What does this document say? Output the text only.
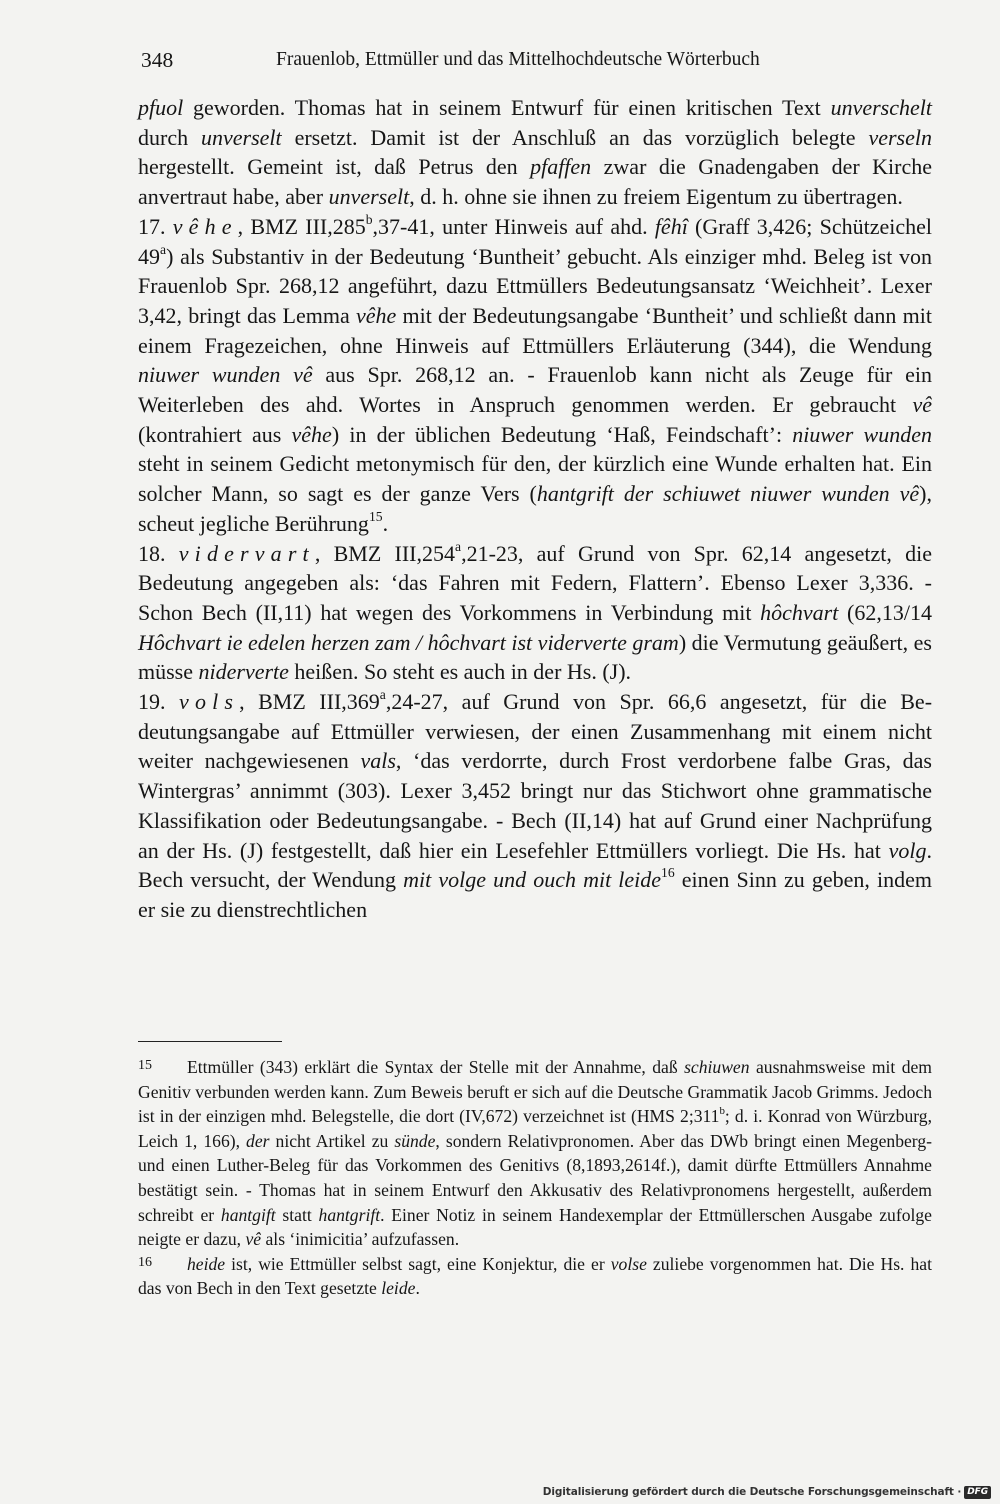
348	Frauenlob, Ettmüller und das Mittelhochdeutsche Wörterbuch

pfuol geworden. Thomas hat in seinem Entwurf für einen kritischen Text unverschelt durch unverselt ersetzt. Damit ist der Anschluß an das vorzüglich belegte verseln hergestellt. Gemeint ist, daß Petrus den pfaffen zwar die Gnadengaben der Kirche anvertraut habe, aber unverselt, d. h. ohne sie ihnen zu freiem Eigentum zu übertragen.

17. vêhe, BMZ III,285$^b$,37-41, unter Hinweis auf ahd. fêhî (Graff 3,426; Schützeichel 49$^a$) als Substantiv in der Bedeutung ‘Buntheit’ gebucht. Als einziger mhd. Beleg ist von Frauenlob Spr. 268,12 angeführt, dazu Ettmüllers Bedeutungsansatz ‘Weichheit’. Lexer 3,42, bringt das Lemma vêhe mit der Bedeutungsangabe ‘Buntheit’ und schließt dann mit einem Fragezeichen, ohne Hinweis auf Ettmüllers Erläuterung (344), die Wendung niuwer wunden vê aus Spr. 268,12 an. - Frauenlob kann nicht als Zeuge für ein Weiterleben des ahd. Wortes in Anspruch genommen werden. Er gebraucht vê (kontrahiert aus vêhe) in der üblichen Bedeutung ‘Haß, Feindschaft’: niuwer wunden steht in seinem Gedicht metonymisch für den, der kürzlich eine Wunde erhalten hat. Ein solcher Mann, so sagt es der ganze Vers (hantgrift der schiuwet niuwer wunden vê), scheut jegliche Berührung$^{15}$.

18. vidervart, BMZ III,254$^a$,21-23, auf Grund von Spr. 62,14 angesetzt, die Bedeutung angegeben als: ‘das Fahren mit Federn, Flattern’. Ebenso Lexer 3,336. - Schon Bech (II,11) hat wegen des Vorkommens in Verbindung mit hôchvart (62,13/14 Hôchvart ie edelen herzen zam / hôchvart ist viderverte gram) die Vermutung geäußert, es müsse niderverte heißen. So steht es auch in der Hs. (J).

19. vols, BMZ III,369$^a$,24-27, auf Grund von Spr. 66,6 angesetzt, für die Bedeutungsangabe auf Ettmüller verwiesen, der einen Zusammenhang mit einem nicht weiter nachgewiesenen vals, ‘das verdorrte, durch Frost verdorbene falbe Gras, das Wintergras’ annimmt (303). Lexer 3,452 bringt nur das Stichwort ohne grammatische Klassifikation oder Bedeutungsangabe. - Bech (II,14) hat auf Grund einer Nachprüfung an der Hs. (J) festgestellt, daß hier ein Lesefehler Ettmüllers vorliegt. Die Hs. hat volg. Bech versucht, der Wendung mit volge und ouch mit leide$^{16}$ einen Sinn zu geben, indem er sie zu dienstrechtlichen

15 Ettmüller (343) erklärt die Syntax der Stelle mit der Annahme, daß schiuwen ausnahmsweise mit dem Genitiv verbunden werden kann. Zum Beweis beruft er sich auf die Deutsche Grammatik Jacob Grimms. Jedoch ist in der einzigen mhd. Belegstelle, die dort (IV,672) verzeichnet ist (HMS 2;311$^b$; d. i. Konrad von Würzburg, Leich 1, 166), der nicht Artikel zu sünde, sondern Relativpronomen. Aber das DWb bringt einen Megenberg- und einen Luther-Beleg für das Vorkommen des Genitivs (8,1893,2614f.), damit dürfte Ettmüllers Annahme bestätigt sein. - Thomas hat in seinem Entwurf den Akkusativ des Relativpronomens hergestellt, außerdem schreibt er hantgift statt hantgrift. Einer Notiz in seinem Handexemplar der Ettmüllerschen Ausgabe zufolge neigte er dazu, vê als ‘inimicitia’ aufzufassen.

16 heide ist, wie Ettmüller selbst sagt, eine Konjektur, die er volse zuliebe vorgenommen hat. Die Hs. hat das von Bech in den Text gesetzte leide.

Digitalisierung gefördert durch die Deutsche Forschungsgemeinschaft · DFG
